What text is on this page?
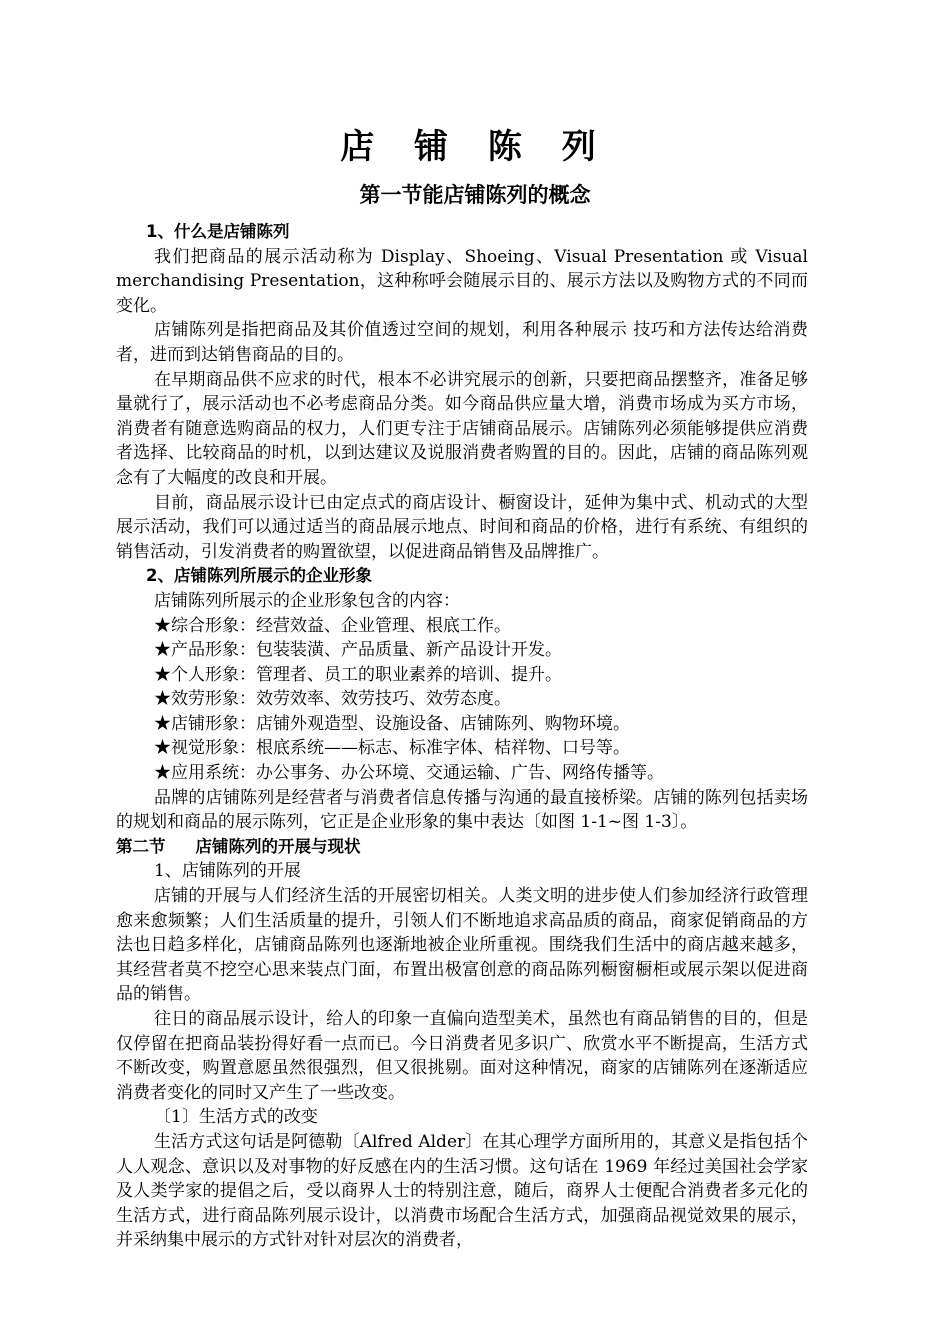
店 铺 陈 列
第一节能店铺陈列的概念

1、什么是店铺陈列

我们把商品的展示活动称为 Display、Shoeing、Visual Presentation 或 Visual merchandising Presentation，这种称呼会随展示目的、展示方法以及购物方式的不同而变化。

店铺陈列是指把商品及其价值透过空间的规划，利用各种展示 技巧和方法传达给消费者，进而到达销售商品的目的。

在早期商品供不应求的时代，根本不必讲究展示的创新，只要把商品摆整齐，准备足够量就行了，展示活动也不必考虑商品分类。如今商品供应量大增，消费市场成为买方市场，消费者有随意选购商品的权力，人们更专注于店铺商品展示。店铺陈列必须能够提供应消费者选择、比较商品的时机，以到达建议及说服消费者购置的目的。因此，店铺的商品陈列观念有了大幅度的改良和开展。

目前，商品展示设计已由定点式的商店设计、橱窗设计，延伸为集中式、机动式的大型展示活动，我们可以通过适当的商品展示地点、时间和商品的价格，进行有系统、有组织的销售活动，引发消费者的购置欲望，以促进商品销售及品牌推广。

2、店铺陈列所展示的企业形象

店铺陈列所展示的企业形象包含的内容：

★综合形象：经营效益、企业管理、根底工作。

★产品形象：包装装潢、产品质量、新产品设计开发。

★个人形象：管理者、员工的职业素养的培训、提升。

★效劳形象：效劳效率、效劳技巧、效劳态度。

★店铺形象：店铺外观造型、设施设备、店铺陈列、购物环境。

★视觉形象：根底系统——标志、标准字体、桔祥物、口号等。

★应用系统：办公事务、办公环境、交通运输、广告、网络传播等。

品牌的店铺陈列是经营者与消费者信息传播与沟通的最直接桥梁。店铺的陈列包括卖场的规划和商品的展示陈列，它正是企业形象的集中表达〔如图 1-1~图 1-3〕。

第二节 店铺陈列的开展与现状

1、店铺陈列的开展

店铺的开展与人们经济生活的开展密切相关。人类文明的进步使人们参加经济行政管理愈来愈频繁；人们生活质量的提升，引领人们不断地追求高品质的商品，商家促销商品的方法也日趋多样化，店铺商品陈列也逐渐地被企业所重视。围绕我们生活中的商店越来越多，其经营者莫不挖空心思来装点门面，布置出极富创意的商品陈列橱窗橱柜或展示架以促进商品的销售。

往日的商品展示设计，给人的印象一直偏向造型美术，虽然也有商品销售的目的，但是仅停留在把商品装扮得好看一点而已。今日消费者见多识广、欣赏水平不断提高，生活方式不断改变，购置意愿虽然很强烈，但又很挑剔。面对这种情况，商家的店铺陈列在逐渐适应消费者变化的同时又产生了一些改变。

〔1〕生活方式的改变

生活方式这句话是阿德勒〔Alfred Alder〕在其心理学方面所用的，其意义是指包括个人人观念、意识以及对事物的好反感在内的生活习惯。这句话在 1969 年经过美国社会学家及人类学家的提倡之后，受以商界人士的特别注意，随后，商界人士便配合消费者多元化的生活方式，进行商品陈列展示设计，以消费市场配合生活方式，加强商品视觉效果的展示，并采纳集中展示的方式针对针对层次的消费者，
